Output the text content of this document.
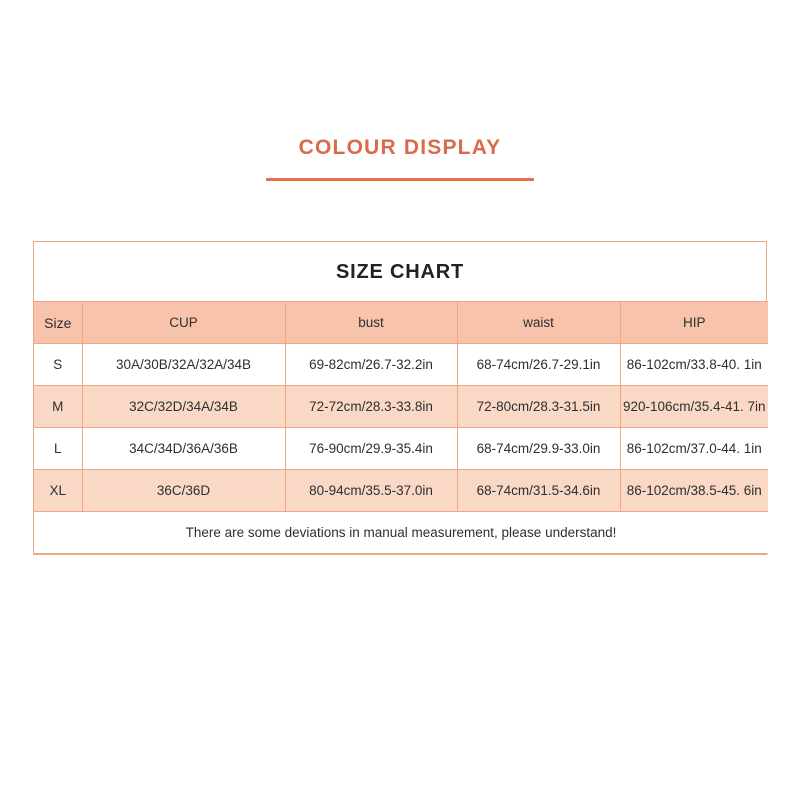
COLOUR DISPLAY
SIZE CHART
Size	CUP	bust	waist	HIP
S	30A/30B/32A/32A/34B	69-82cm/26.7-32.2in	68-74cm/26.7-29.1in	86-102cm/33.8-40. 1in
M	32C/32D/34A/34B	72-72cm/28.3-33.8in	72-80cm/28.3-31.5in	920-106cm/35.4-41. 7in
L	34C/34D/36A/36B	76-90cm/29.9-35.4in	68-74cm/29.9-33.0in	86-102cm/37.0-44. 1in
XL	36C/36D	80-94cm/35.5-37.0in	68-74cm/31.5-34.6in	86-102cm/38.5-45. 6in
There are some deviations in manual measurement, please understand!				
